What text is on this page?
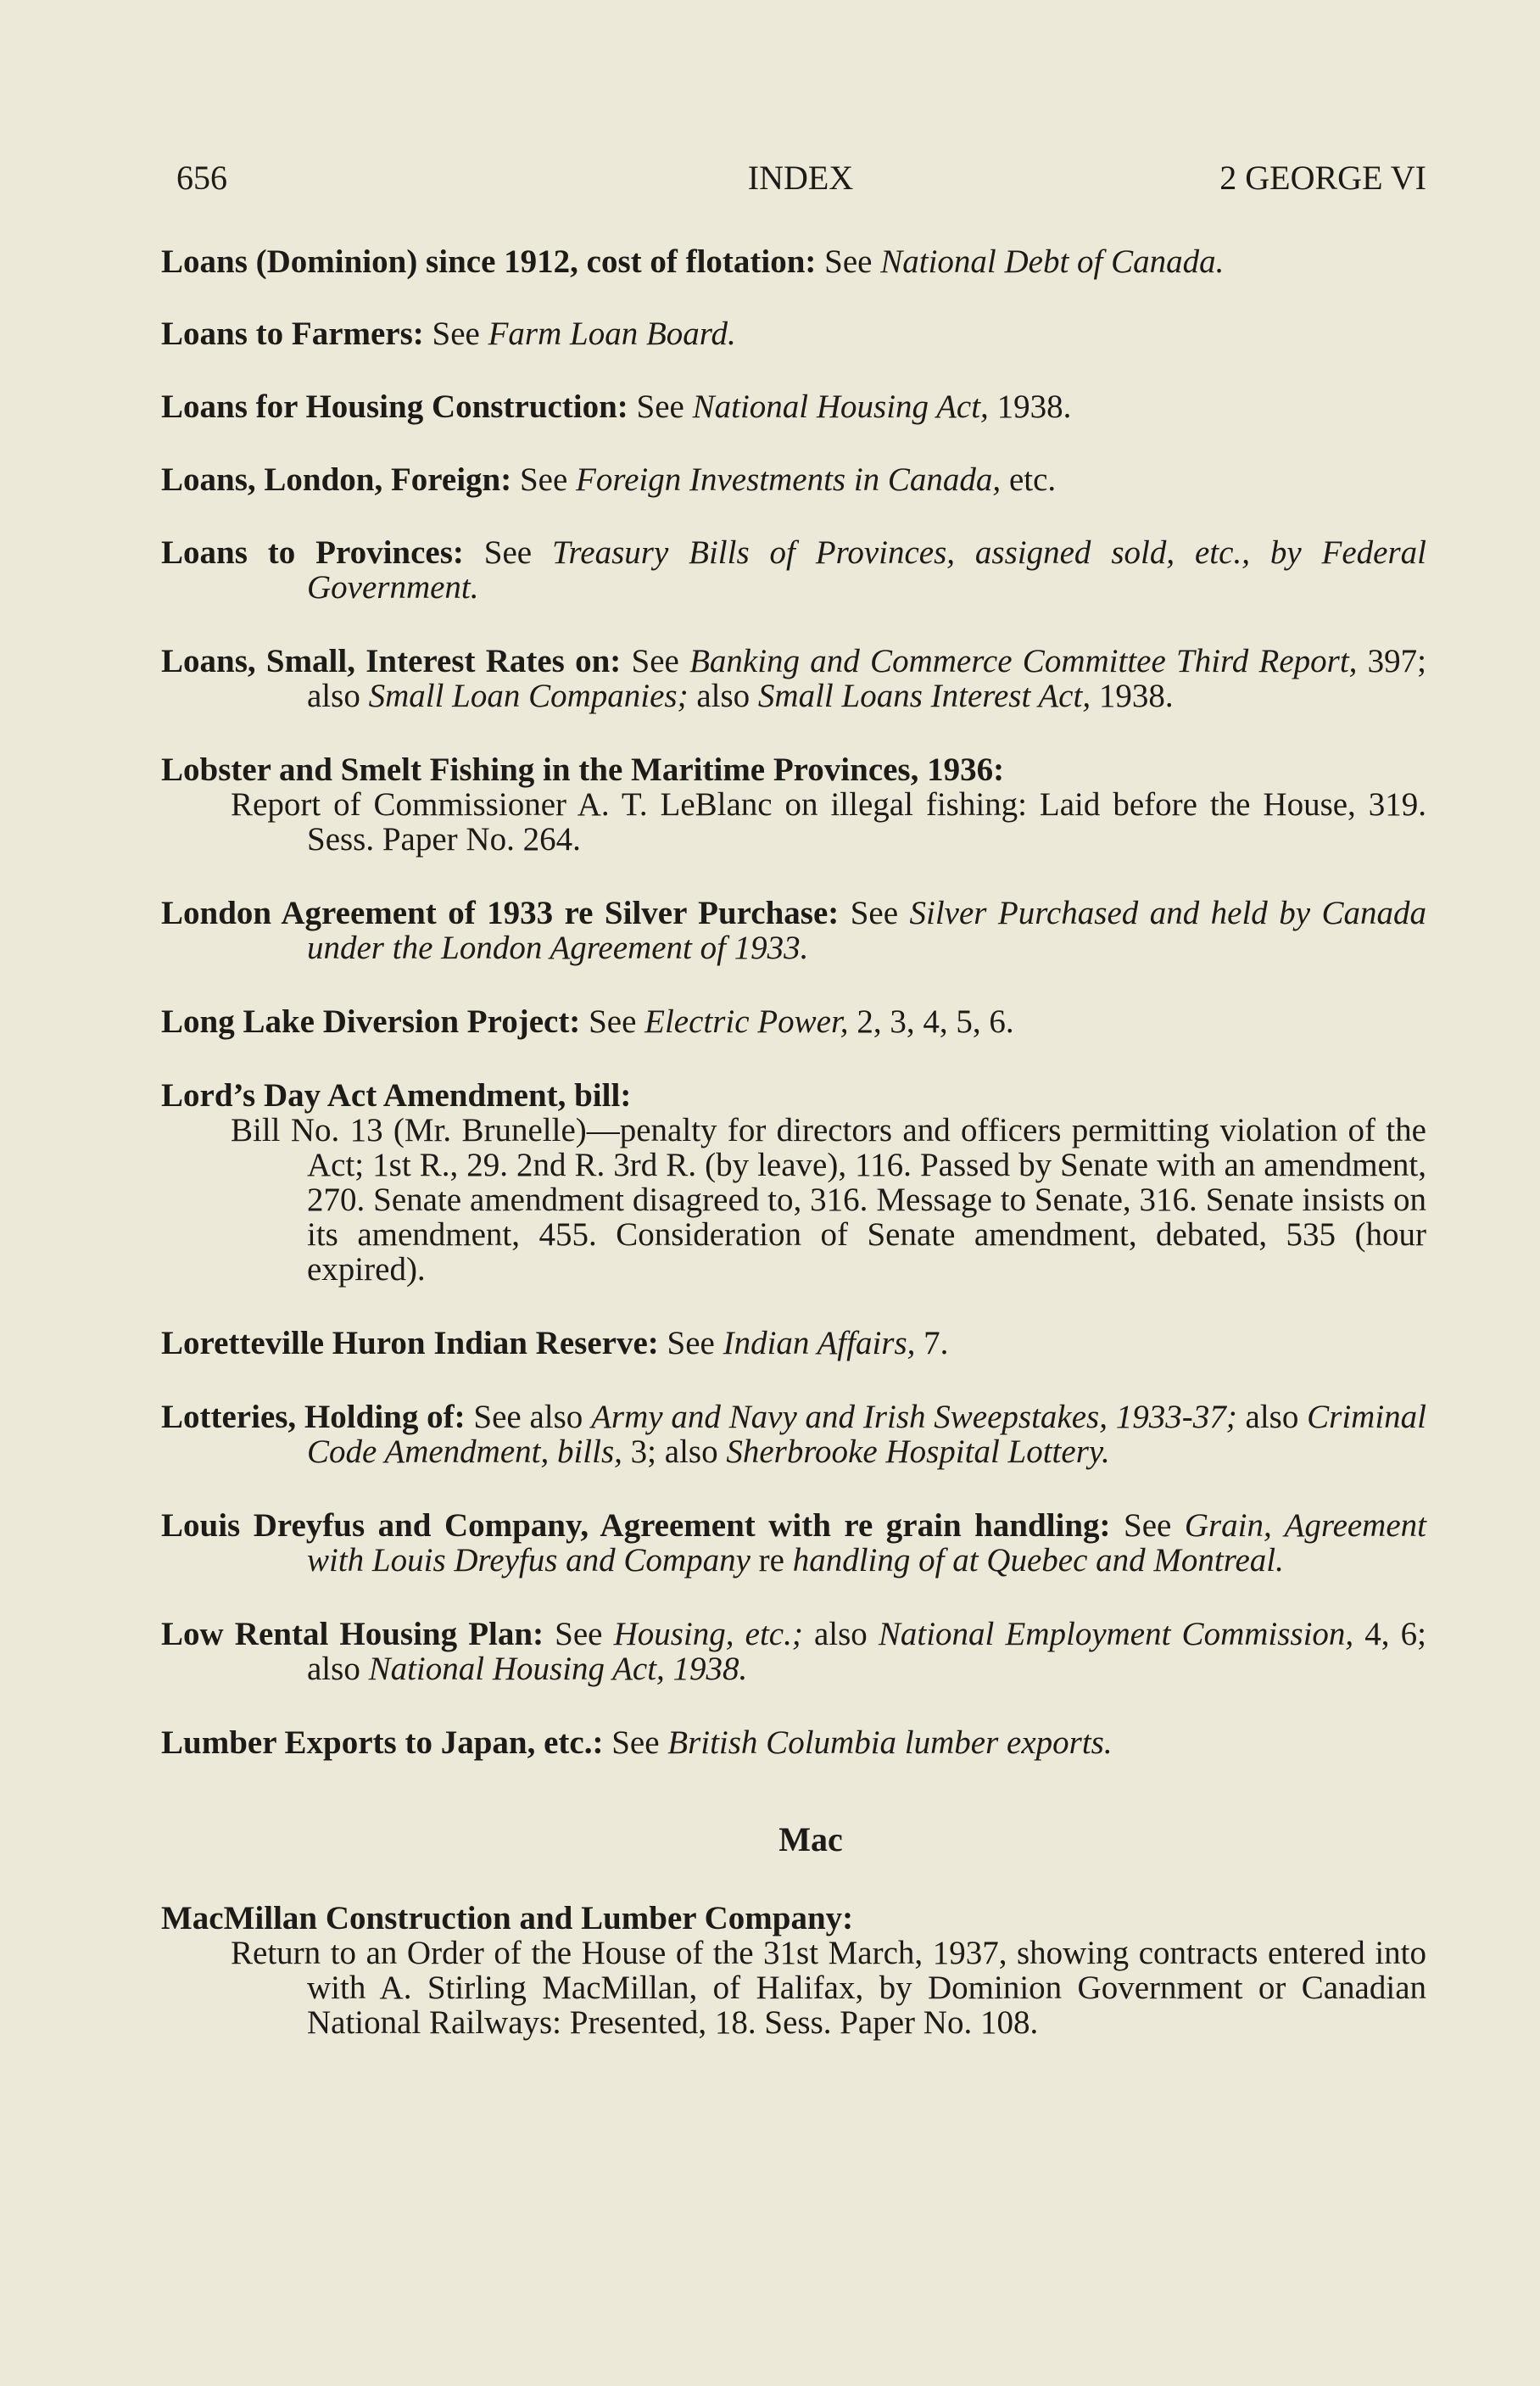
656	INDEX	2 GEORGE VI
Loans (Dominion) since 1912, cost of flotation: See National Debt of Canada.
Loans to Farmers: See Farm Loan Board.
Loans for Housing Construction: See National Housing Act, 1938.
Loans, London, Foreign: See Foreign Investments in Canada, etc.
Loans to Provinces: See Treasury Bills of Provinces, assigned sold, etc., by Federal Government.
Loans, Small, Interest Rates on: See Banking and Commerce Committee Third Report, 397; also Small Loan Companies; also Small Loans Interest Act, 1938.
Lobster and Smelt Fishing in the Maritime Provinces, 1936:
Report of Commissioner A. T. LeBlanc on illegal fishing: Laid before the House, 319. Sess. Paper No. 264.
London Agreement of 1933 re Silver Purchase: See Silver Purchased and held by Canada under the London Agreement of 1933.
Long Lake Diversion Project: See Electric Power, 2, 3, 4, 5, 6.
Lord’s Day Act Amendment, bill:
Bill No. 13 (Mr. Brunelle)—penalty for directors and officers permitting violation of the Act; 1st R., 29. 2nd R. 3rd R. (by leave), 116. Passed by Senate with an amendment, 270. Senate amendment disagreed to, 316. Message to Senate, 316. Senate insists on its amendment, 455. Consideration of Senate amendment, debated, 535 (hour expired).
Loretteville Huron Indian Reserve: See Indian Affairs, 7.
Lotteries, Holding of: See also Army and Navy and Irish Sweepstakes, 1933-37; also Criminal Code Amendment, bills, 3; also Sherbrooke Hospital Lottery.
Louis Dreyfus and Company, Agreement with re grain handling: See Grain, Agreement with Louis Dreyfus and Company re handling of at Quebec and Montreal.
Low Rental Housing Plan: See Housing, etc.; also National Employment Commission, 4, 6; also National Housing Act, 1938.
Lumber Exports to Japan, etc.: See British Columbia lumber exports.
Mac
MacMillan Construction and Lumber Company:
Return to an Order of the House of the 31st March, 1937, showing contracts entered into with A. Stirling MacMillan, of Halifax, by Dominion Government or Canadian National Railways: Presented, 18. Sess. Paper No. 108.
